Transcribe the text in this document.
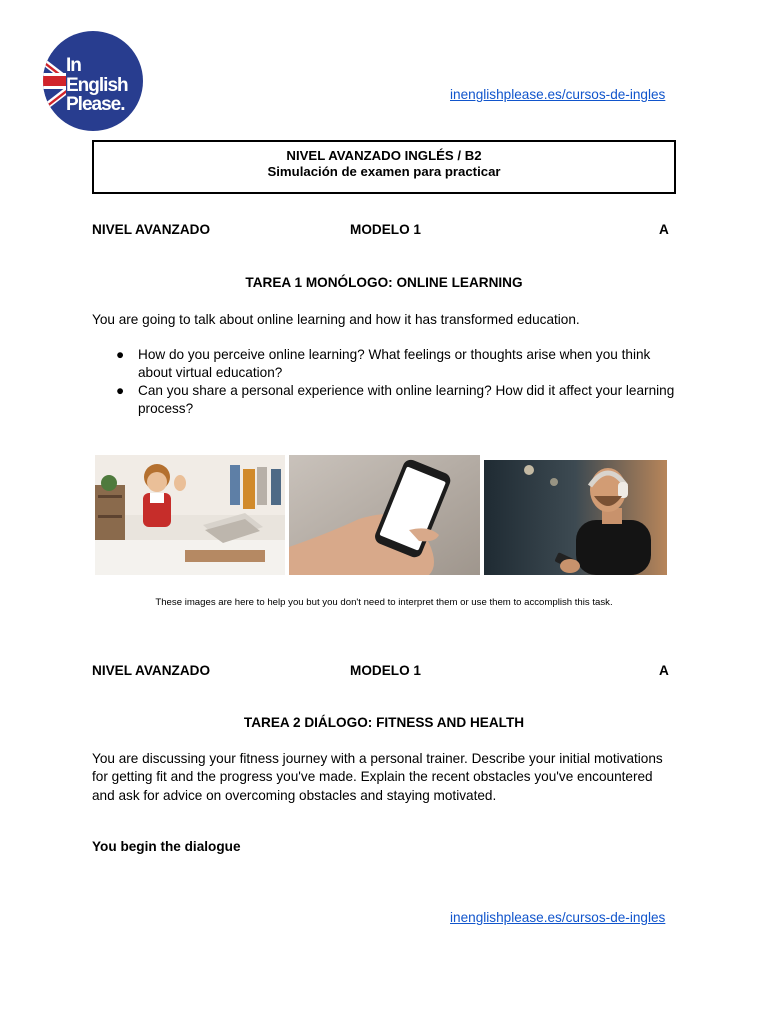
In
English
Please.	inenglishplease.es/cursos-de-ingles
NIVEL AVANZADO INGLÉS / B2
Simulación de examen para practicar
NIVEL AVANZADO	MODELO 1	A
TAREA 1 MONÓLOGO: ONLINE LEARNING
You are going to talk about online learning and how it has transformed education.
● How do you perceive online learning? What feelings or thoughts arise when you think about virtual education?
● Can you share a personal experience with online learning? How did it affect your learning process?
These images are here to help you but you don't need to interpret them or use them to accomplish this task.
NIVEL AVANZADO	MODELO 1	A
TAREA 2 DIÁLOGO: FITNESS AND HEALTH
You are discussing your fitness journey with a personal trainer. Describe your initial motivations for getting fit and the progress you've made. Explain the recent obstacles you've encountered and ask for advice on overcoming obstacles and staying motivated.
You begin the dialogue
inenglishplease.es/cursos-de-ingles
